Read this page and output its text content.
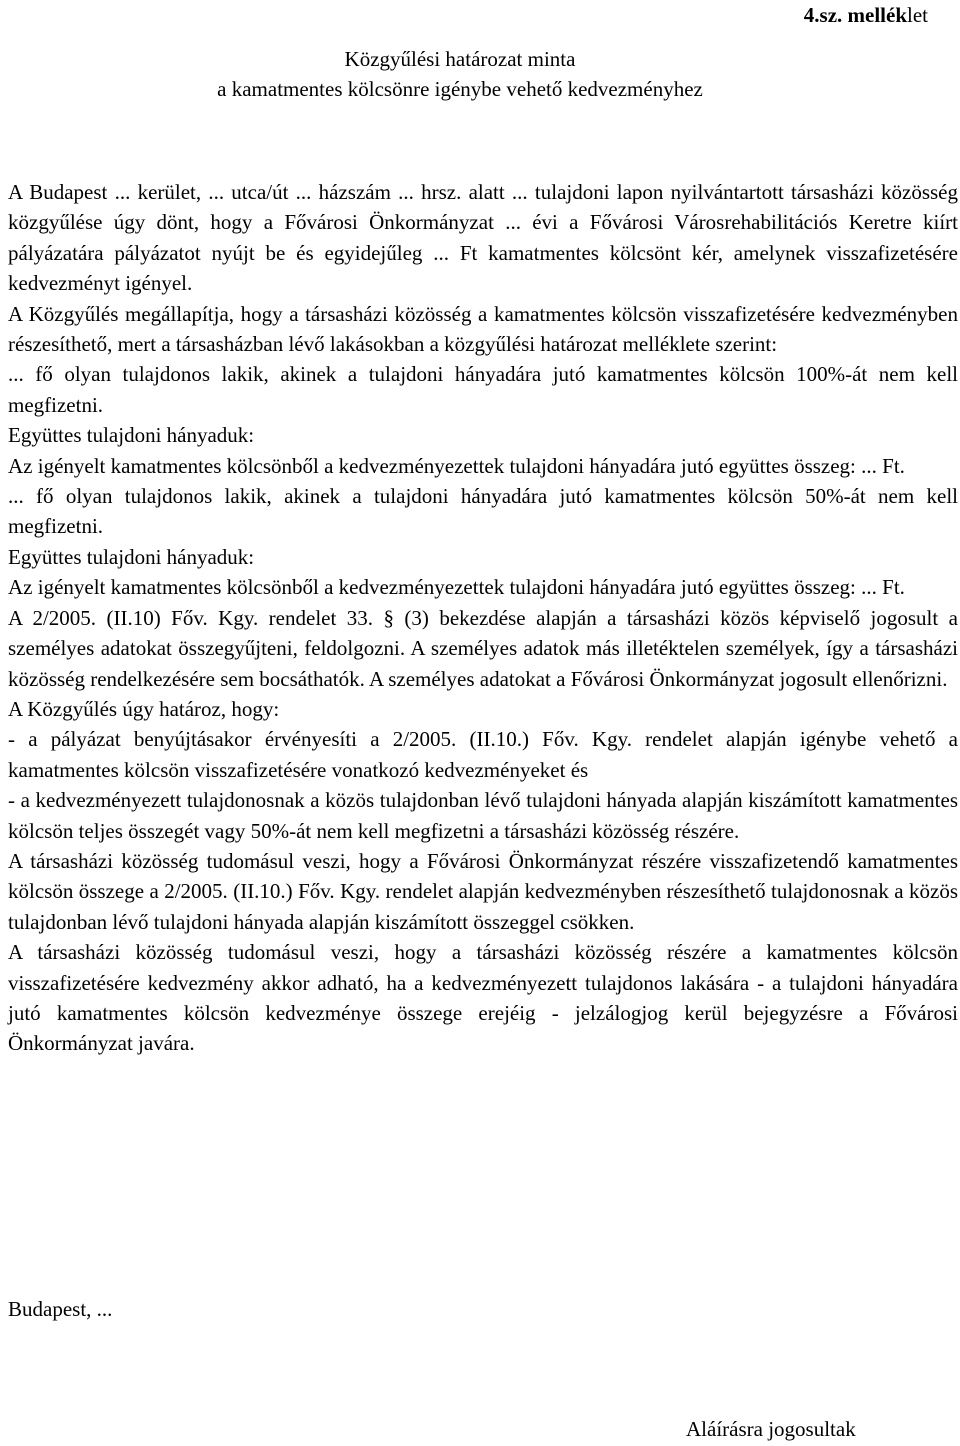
4.sz. melléklet
Közgyűlési határozat minta
a kamatmentes kölcsönre igénybe vehető kedvezményhez

A Budapest ... kerület, ... utca/út ... házszám ... hrsz. alatt ... tulajdoni lapon nyilvántartott társasházi közösség közgyűlése úgy dönt, hogy a Fővárosi Önkormányzat ... évi a Fővárosi Városrehabilitációs Keretre kiírt pályázatára pályázatot nyújt be és egyidejűleg ... Ft kamatmentes kölcsönt kér, amelynek visszafizetésére kedvezményt igényel.

A Közgyűlés megállapítja, hogy a társasházi közösség a kamatmentes kölcsön visszafizetésére kedvezményben részesíthető, mert a társasházban lévő lakásokban a közgyűlési határozat melléklete szerint:

... fő olyan tulajdonos lakik, akinek a tulajdoni hányadára jutó kamatmentes kölcsön 100%-át nem kell megfizetni.

Együttes tulajdoni hányaduk:

Az igényelt kamatmentes kölcsönből a kedvezményezettek tulajdoni hányadára jutó együttes összeg: ... Ft.

... fő olyan tulajdonos lakik, akinek a tulajdoni hányadára jutó kamatmentes kölcsön 50%-át nem kell megfizetni.

Együttes tulajdoni hányaduk:

Az igényelt kamatmentes kölcsönből a kedvezményezettek tulajdoni hányadára jutó együttes összeg: ... Ft.

A 2/2005. (II.10) Főv. Kgy. rendelet 33. § (3) bekezdése alapján a társasházi közös képviselő jogosult a személyes adatokat összegyűjteni, feldolgozni. A személyes adatok más illetéktelen személyek, így a társasházi közösség rendelkezésére sem bocsáthatók. A személyes adatokat a Fővárosi Önkormányzat jogosult ellenőrizni.

A Közgyűlés úgy határoz, hogy:

- a pályázat benyújtásakor érvényesíti a 2/2005. (II.10.) Főv. Kgy. rendelet alapján igénybe vehető a kamatmentes kölcsön visszafizetésére vonatkozó kedvezményeket és

- a kedvezményezett tulajdonosnak a közös tulajdonban lévő tulajdoni hányada alapján kiszámított kamatmentes kölcsön teljes összegét vagy 50%-át nem kell megfizetni a társasházi közösség részére.

A társasházi közösség tudomásul veszi, hogy a Fővárosi Önkormányzat részére visszafizetendő kamatmentes kölcsön összege a 2/2005. (II.10.) Főv. Kgy. rendelet alapján kedvezményben részesíthető tulajdonosnak a közös tulajdonban lévő tulajdoni hányada alapján kiszámított összeggel csökken.

A társasházi közösség tudomásul veszi, hogy a társasházi közösség részére a kamatmentes kölcsön visszafizetésére kedvezmény akkor adható, ha a kedvezményezett tulajdonos lakására - a tulajdoni hányadára jutó kamatmentes kölcsön kedvezménye összege erejéig - jelzálogjog kerül bejegyzésre a Fővárosi Önkormányzat javára.

Budapest, ...
Aláírásra jogosultak
